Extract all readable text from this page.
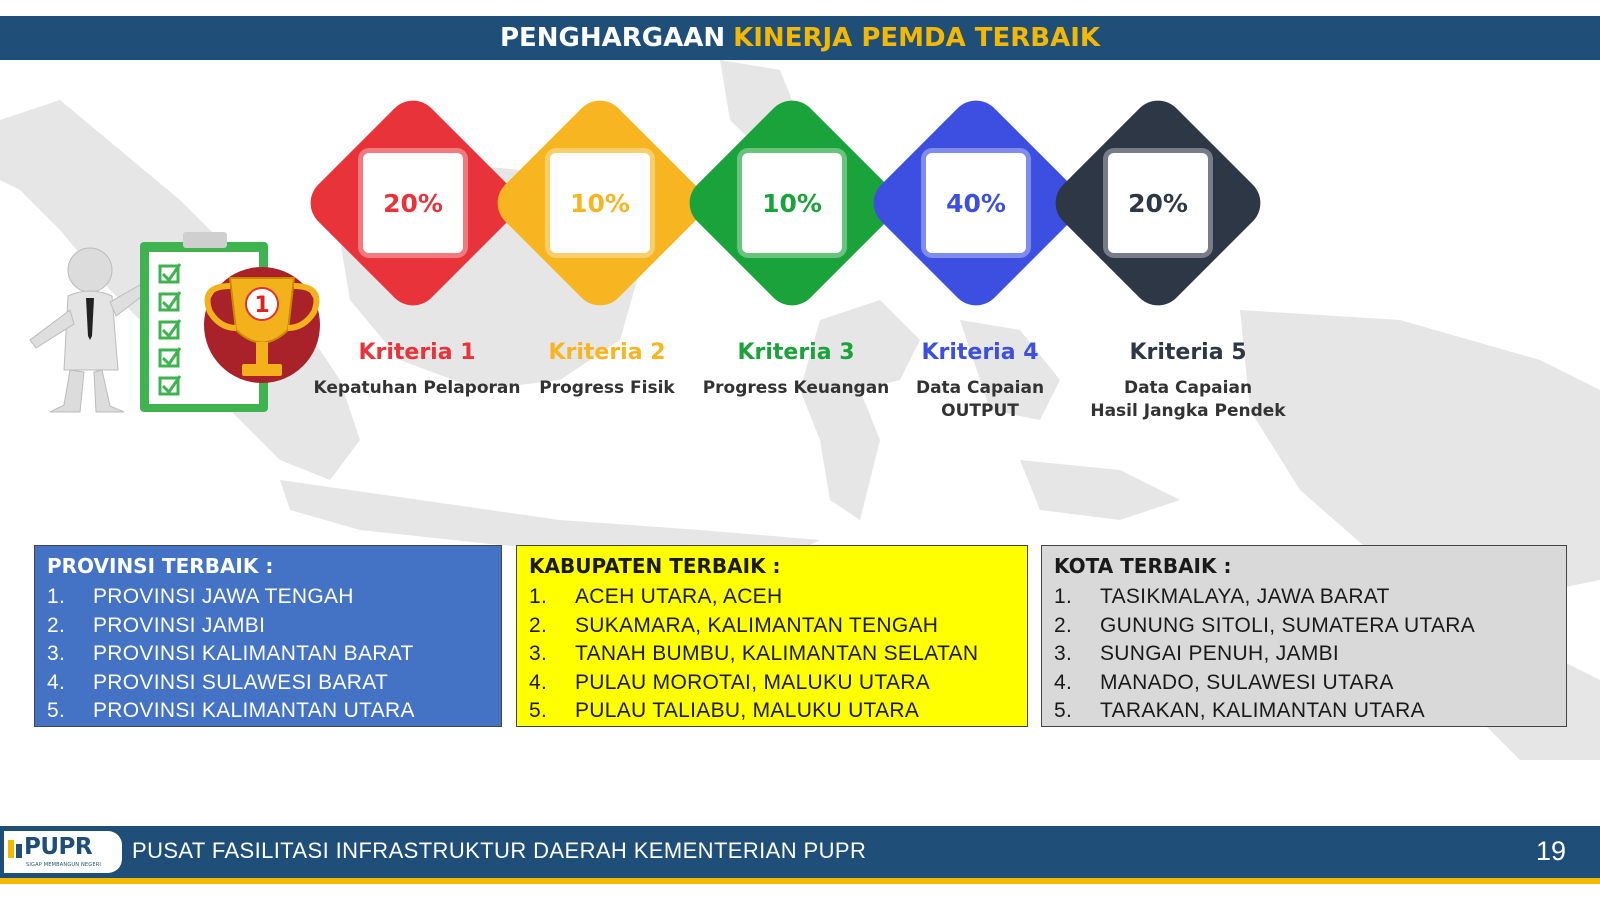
PENGHARGAAN KINERJA PEMDA TERBAIK
1
20%	10%	10%	40%	20%
Kriteria 1
Kepatuhan Pelaporan
Kriteria 2
Progress Fisik
Kriteria 3
Progress Keuangan
Kriteria 4
Data Capaian
OUTPUT
Kriteria 5
Data Capaian
Hasil Jangka Pendek
PROVINSI TERBAIK :
1.	PROVINSI JAWA TENGAH
2.	PROVINSI JAMBI
3.	PROVINSI KALIMANTAN BARAT
4.	PROVINSI SULAWESI BARAT
5.	PROVINSI KALIMANTAN UTARA
KABUPATEN TERBAIK :
1.	ACEH UTARA, ACEH
2.	SUKAMARA, KALIMANTAN TENGAH
3.	TANAH BUMBU, KALIMANTAN SELATAN
4.	PULAU MOROTAI, MALUKU UTARA
5.	PULAU TALIABU, MALUKU UTARA
KOTA TERBAIK :
1.	TASIKMALAYA, JAWA BARAT
2.	GUNUNG SITOLI, SUMATERA UTARA
3.	SUNGAI PENUH, JAMBI
4.	MANADO, SULAWESI UTARA
5.	TARAKAN, KALIMANTAN UTARA
PUPR
SIGAP MEMBANGUN NEGERI
PUSAT FASILITASI INFRASTRUKTUR DAERAH KEMENTERIAN PUPR	19
